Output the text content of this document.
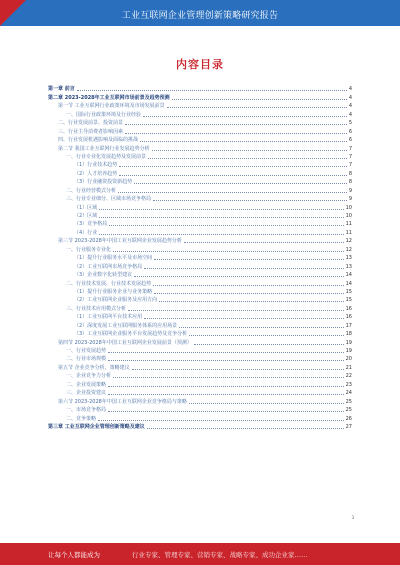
工业互联网企业管理创新策略研究报告
内容目录
第一章 前言	4
第二章 2023-2028年工业互联网市场前景及趋势预测	4
第一节 工业互联网行业政策环境及市场发展前景	4
一、国际行业政策环境及行业经验	4
二、行业发展前景、投资前景	5
三、行业主导消费者影响因素	6
四、行业发展机遇影响及面临的挑战	6
第二节 我国工业互联网行业发展趋势分析	7
一、行业专业化发展趋势及发展前景	7
（1）行业技术趋势	7
（2）人才培养趋势	8
（3）行业融资投资新趋势	8
二、行业经营模式分析	9
三、行业专业细分、区域市场竞争格局	9
（1）区域	10
（2）区域	10
（3）竞争格局	11
（4）行业	11
第三节 2023-2028年中国工业互联网企业发展趋势分析	12
一、行业服务专业化	12
（1）提升行业服务水平及市场空间	13
（2）工业互联网市场竞争格局	13
（3）企业数字化转型建议	14
二、行业技术发展、行业技术发展趋势	14
（1）提升行业服务企业与业务策略	15
（2）工业互联网企业服务及应用方向	15
三、行业技术应用模式分析	16
（1）工业互联网平台技术应用	16
（2）深度发展工业互联网服务体系的应用场景	17
（3）工业互联网企业服务平台发展趋势及竞争分析	18
第四节 2023-2028年中国工业互联网企业发展前景（预测）	19
一、行业发展趋势	19
二、行业市场规模	20
第五节 企业竞争分析、策略建议	21
一、企业竞争力分析	22
二、企业发展策略	23
三、企业投资建议	24
第六节 2023-2028年中国工业互联网企业竞争格局与策略	25
一、市场竞争格局	25
二、竞争策略	26
第三章 工业互联网企业管理创新策略及建议	27
3
让每个人都能成为	行业专家、管理专家、营销专家、战略专家、成功企业家……
